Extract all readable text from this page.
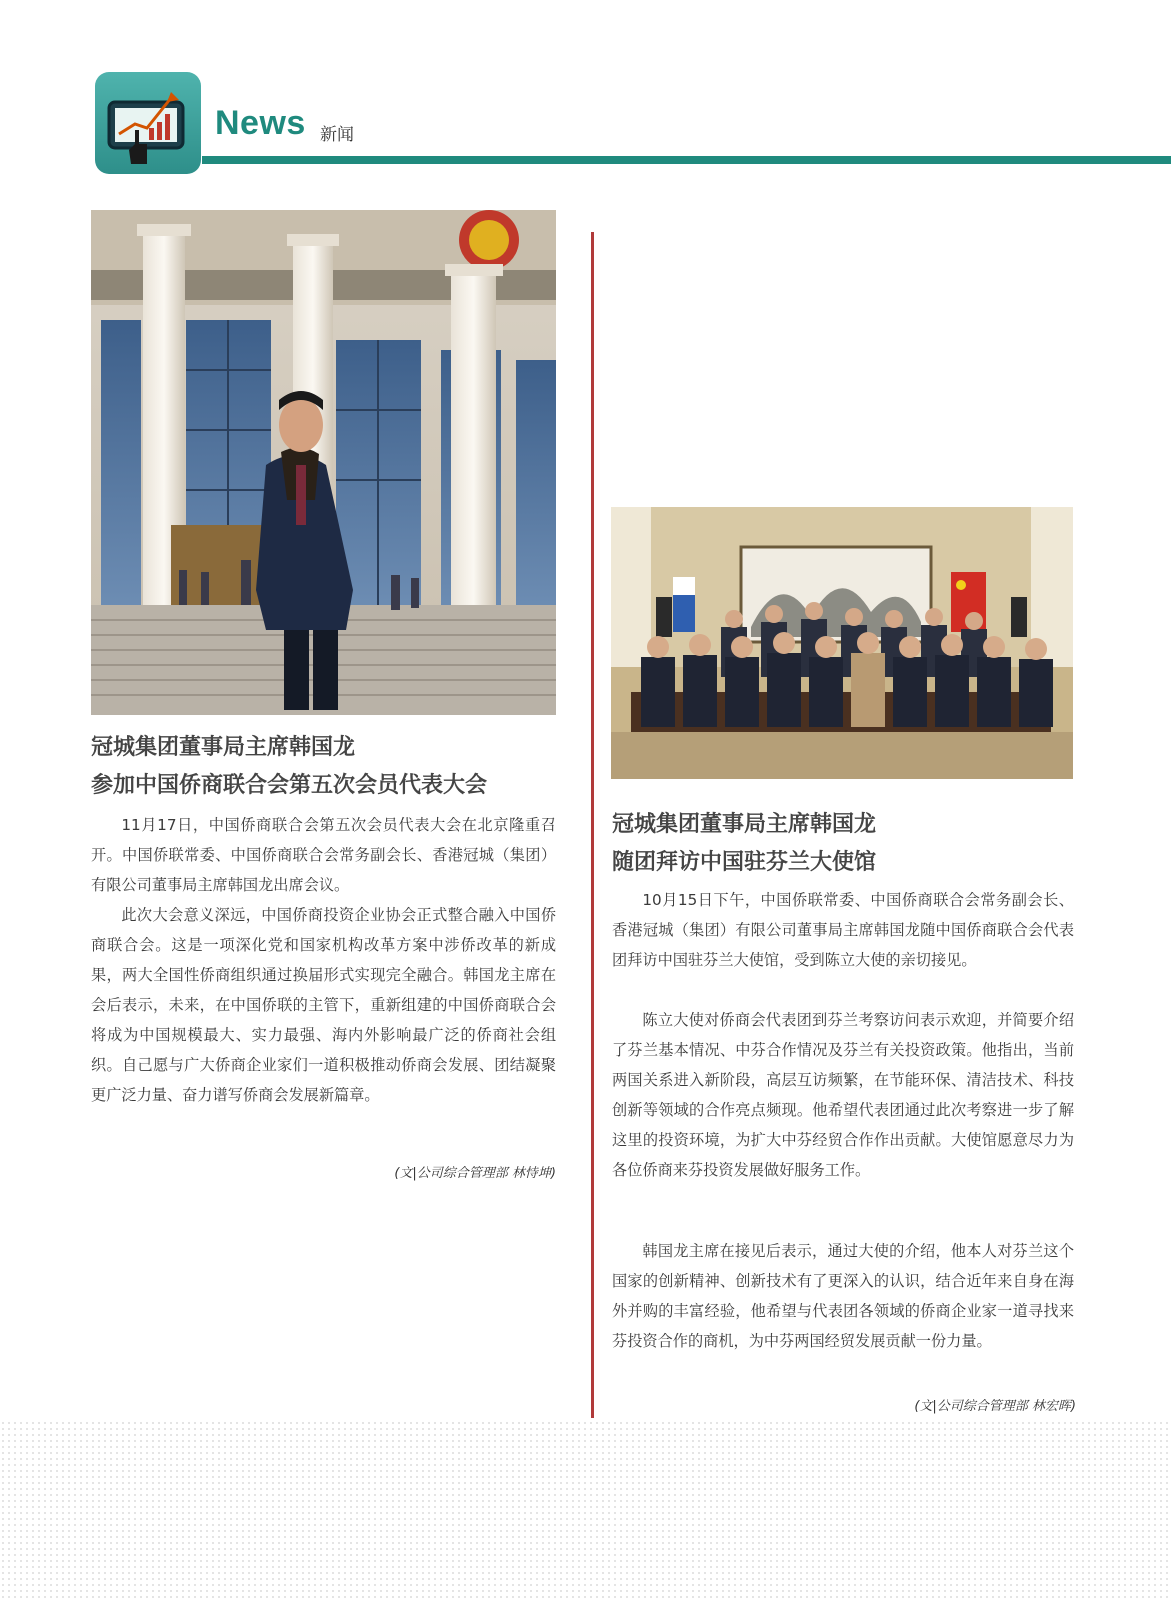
News 新闻
冠城集团董事局主席韩国龙
参加中国侨商联合会第五次会员代表大会

11月17日，中国侨商联合会第五次会员代表大会在北京隆重召开。中国侨联常委、中国侨商联合会常务副会长、香港冠城（集团）有限公司董事局主席韩国龙出席会议。

此次大会意义深远，中国侨商投资企业协会正式整合融入中国侨商联合会。这是一项深化党和国家机构改革方案中涉侨改革的新成果，两大全国性侨商组织通过换届形式实现完全融合。韩国龙主席在会后表示，未来，在中国侨联的主管下，重新组建的中国侨商联合会将成为中国规模最大、实力最强、海内外影响最广泛的侨商社会组织。自己愿与广大侨商企业家们一道积极推动侨商会发展、团结凝聚更广泛力量、奋力谱写侨商会发展新篇章。

(文|公司综合管理部 林恃坤)
冠城集团董事局主席韩国龙
随团拜访中国驻芬兰大使馆

10月15日下午，中国侨联常委、中国侨商联合会常务副会长、香港冠城（集团）有限公司董事局主席韩国龙随中国侨商联合会代表团拜访中国驻芬兰大使馆，受到陈立大使的亲切接见。

陈立大使对侨商会代表团到芬兰考察访问表示欢迎，并简要介绍了芬兰基本情况、中芬合作情况及芬兰有关投资政策。他指出，当前两国关系进入新阶段，高层互访频繁，在节能环保、清洁技术、科技创新等领域的合作亮点频现。他希望代表团通过此次考察进一步了解这里的投资环境，为扩大中芬经贸合作作出贡献。大使馆愿意尽力为各位侨商来芬投资发展做好服务工作。

韩国龙主席在接见后表示，通过大使的介绍，他本人对芬兰这个国家的创新精神、创新技术有了更深入的认识，结合近年来自身在海外并购的丰富经验，他希望与代表团各领域的侨商企业家一道寻找来芬投资合作的商机，为中芬两国经贸发展贡献一份力量。

(文|公司综合管理部 林宏晖)
